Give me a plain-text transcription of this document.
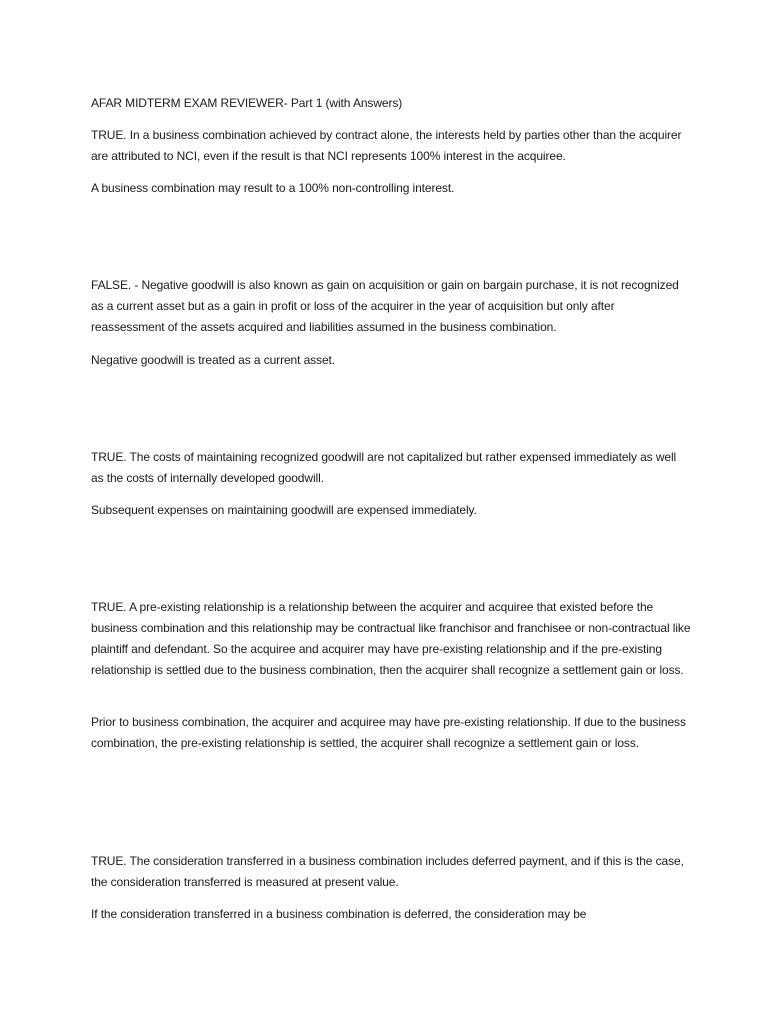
AFAR MIDTERM EXAM REVIEWER- Part 1 (with Answers)

TRUE. In a business combination achieved by contract alone, the interests held by parties other than the acquirer are attributed to NCI, even if the result is that NCI represents 100% interest in the acquiree.

A business combination may result to a 100% non-controlling interest.

FALSE. - Negative goodwill is also known as gain on acquisition or gain on bargain purchase, it is not recognized as a current asset but as a gain in profit or loss of the acquirer in the year of acquisition but only after reassessment of the assets acquired and liabilities assumed in the business combination.

Negative goodwill is treated as a current asset.

TRUE. The costs of maintaining recognized goodwill are not capitalized but rather expensed immediately as well as the costs of internally developed goodwill.

Subsequent expenses on maintaining goodwill are expensed immediately.

TRUE. A pre-existing relationship is a relationship between the acquirer and acquiree that existed before the business combination and this relationship may be contractual like franchisor and franchisee or non-contractual like plaintiff and defendant. So the acquiree and acquirer may have pre-existing relationship and if the pre-existing relationship is settled due to the business combination, then the acquirer shall recognize a settlement gain or loss.

Prior to business combination, the acquirer and acquiree may have pre-existing relationship. If due to the business combination, the pre-existing relationship is settled, the acquirer shall recognize a settlement gain or loss.

TRUE. The consideration transferred in a business combination includes deferred payment, and if this is the case, the consideration transferred is measured at present value.

If the consideration transferred in a business combination is deferred, the consideration may be
